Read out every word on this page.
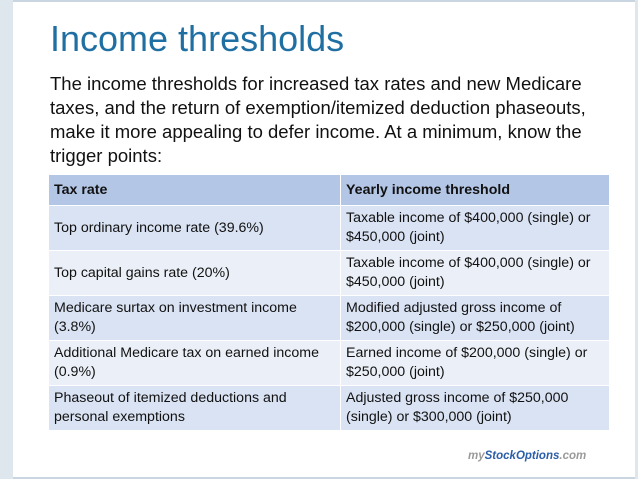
Income thresholds
The income thresholds for increased tax rates and new Medicare taxes, and the return of exemption/itemized deduction phaseouts, make it more appealing to defer income. At a minimum, know the trigger points:
Tax rate	Yearly income threshold
Top ordinary income rate (39.6%)	Taxable income of $400,000 (single) or $450,000 (joint)
Top capital gains rate (20%)	Taxable income of $400,000 (single) or $450,000 (joint)
Medicare surtax on investment income (3.8%)	Modified adjusted gross income of $200,000 (single) or $250,000 (joint)
Additional Medicare tax on earned income (0.9%)	Earned income of $200,000 (single) or $250,000 (joint)
Phaseout of itemized deductions and personal exemptions	Adjusted gross income of $250,000 (single) or $300,000 (joint)
myStockOptions.com
